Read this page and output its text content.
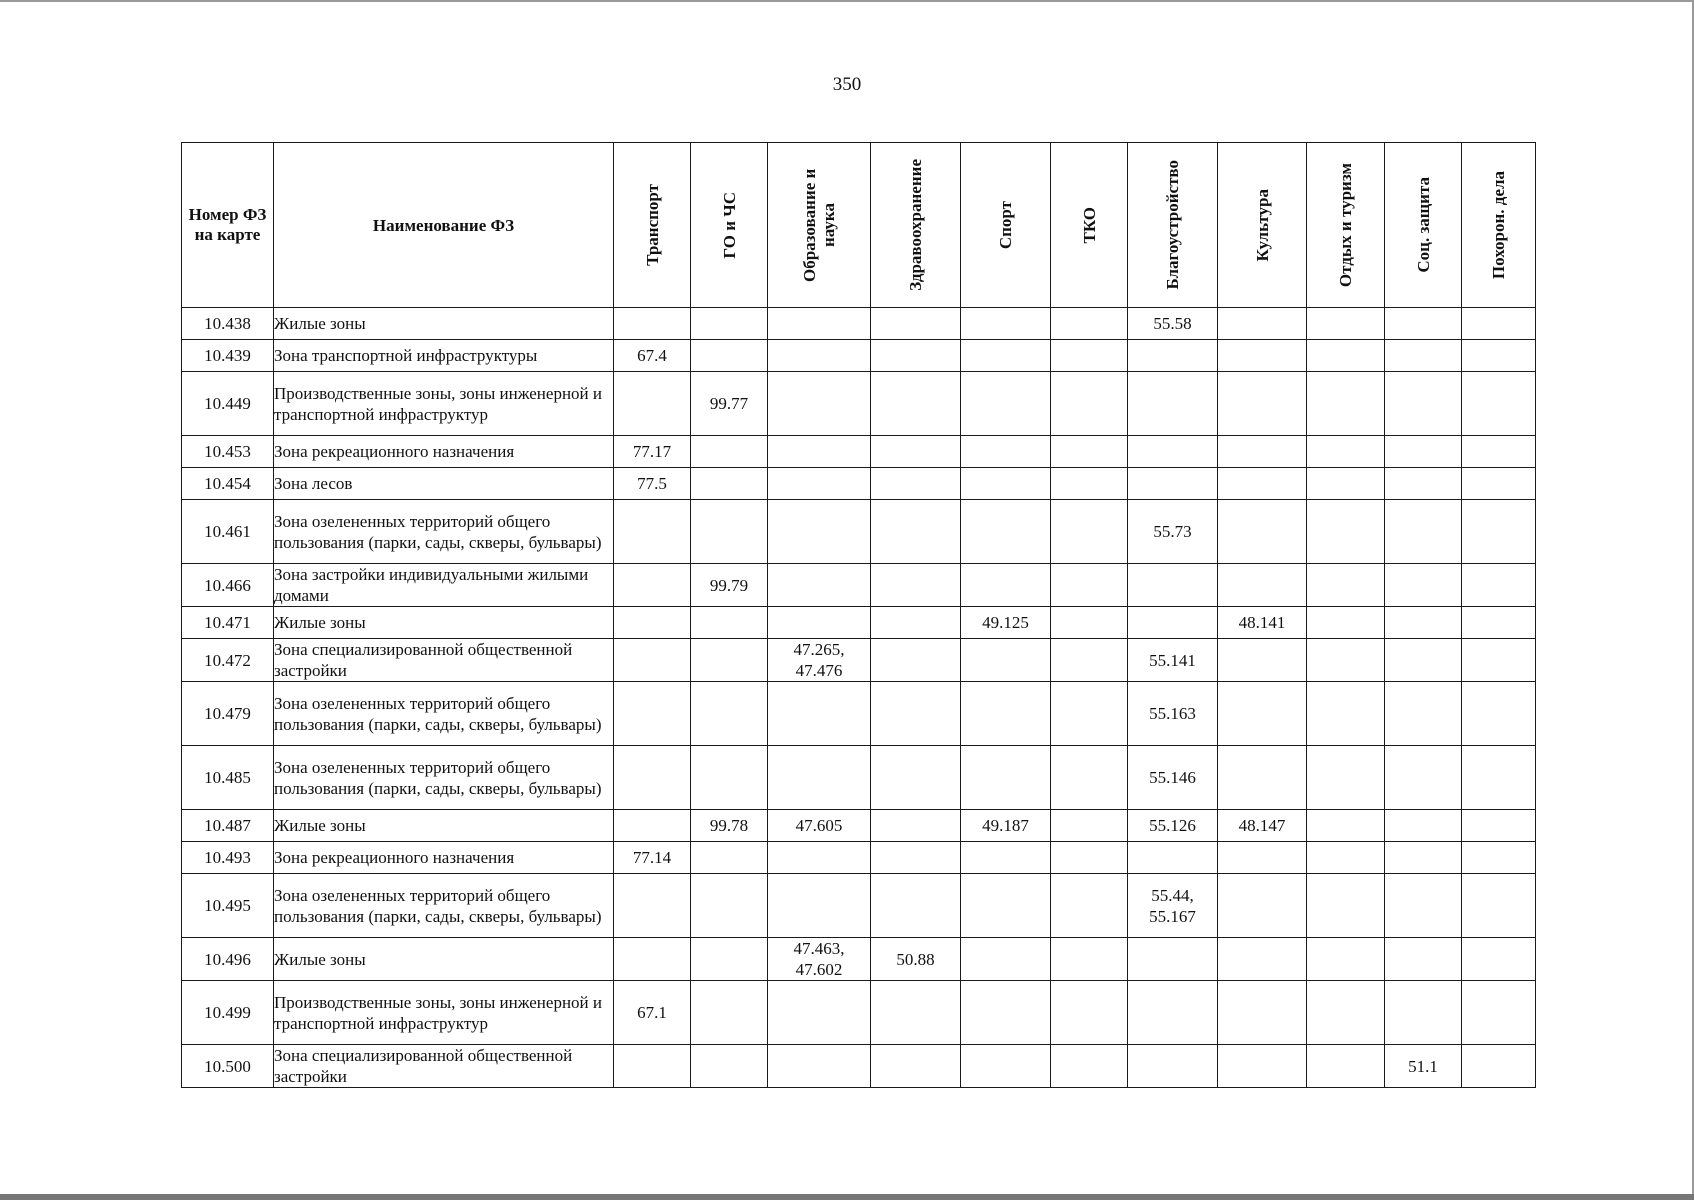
350
Номер ФЗ на карте	Наименование ФЗ	Транспорт	ГО и ЧС	Образование и наука	Здравоохранение	Спорт	ТКО	Благоустройство	Культура	Отдых и туризм	Соц. защита	Похорон. дела

10.438	Жилые зоны							55.58				
10.439	Зона транспортной инфраструктуры	67.4										
10.449	Производственные зоны, зоны инженерной и транспортной инфраструктур		99.77									
10.453	Зона рекреационного назначения	77.17										
10.454	Зона лесов	77.5										
10.461	Зона озелененных территорий общего пользования (парки, сады, скверы, бульвары)							55.73				
10.466	Зона застройки индивидуальными жилыми домами		99.79									
10.471	Жилые зоны					49.125			48.141			
10.472	Зона специализированной общественной застройки			47.265,
47.476				55.141				
10.479	Зона озелененных территорий общего пользования (парки, сады, скверы, бульвары)							55.163				
10.485	Зона озелененных территорий общего пользования (парки, сады, скверы, бульвары)							55.146				
10.487	Жилые зоны		99.78	47.605		49.187		55.126	48.147			
10.493	Зона рекреационного назначения	77.14										
10.495	Зона озелененных территорий общего пользования (парки, сады, скверы, бульвары)							55.44,
55.167				
10.496	Жилые зоны			47.463,
47.602	50.88							
10.499	Производственные зоны, зоны инженерной и транспортной инфраструктур	67.1										
10.500	Зона специализированной общественной застройки										51.1	
